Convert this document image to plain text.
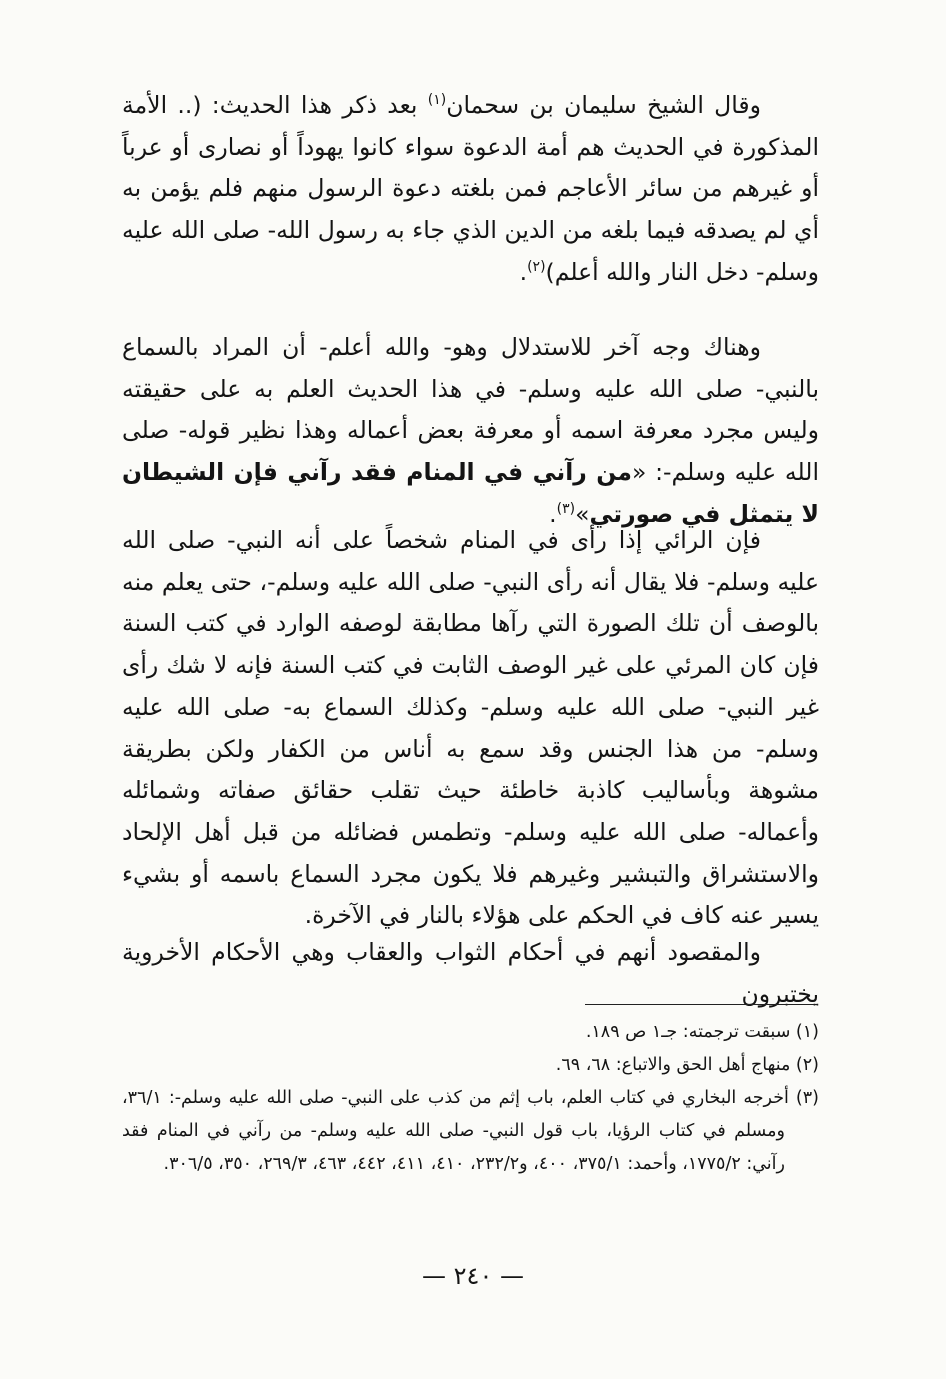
وقال الشيخ سليمان بن سحمان$^{(١)}$ بعد ذكر هذا الحديث: (.. الأمة المذكورة في الحديث هم أمة الدعوة سواء كانوا يهوداً أو نصارى أو عرباً أو غيرهم من سائر الأعاجم فمن بلغته دعوة الرسول منهم فلم يؤمن به أي لم يصدقه فيما بلغه من الدين الذي جاء به رسول الله- صلى الله عليه وسلم- دخل النار والله أعلم)$^{(٢)}$.

وهناك وجه آخر للاستدلال وهو- والله أعلم- أن المراد بالسماع بالنبي- صلى الله عليه وسلم- في هذا الحديث العلم به على حقيقته وليس مجرد معرفة اسمه أو معرفة بعض أعماله وهذا نظير قوله- صلى الله عليه وسلم-: «من رآني في المنام فقد رآني فإن الشيطان لا يتمثل في صورتي»$^{(٣)}$.

فإن الرائي إذا رأى في المنام شخصاً على أنه النبي- صلى الله عليه وسلم- فلا يقال أنه رأى النبي- صلى الله عليه وسلم-، حتى يعلم منه بالوصف أن تلك الصورة التي رآها مطابقة لوصفه الوارد في كتب السنة فإن كان المرئي على غير الوصف الثابت في كتب السنة فإنه لا شك رأى غير النبي- صلى الله عليه وسلم- وكذلك السماع به- صلى الله عليه وسلم- من هذا الجنس وقد سمع به أناس من الكفار ولكن بطريقة مشوهة وبأساليب كاذبة خاطئة حيث تقلب حقائق صفاته وشمائله وأعماله- صلى الله عليه وسلم- وتطمس فضائله من قبل أهل الإلحاد والاستشراق والتبشير وغيرهم فلا يكون مجرد السماع باسمه أو بشيء يسير عنه كاف في الحكم على هؤلاء بالنار في الآخرة.

والمقصود أنهم في أحكام الثواب والعقاب وهي الأحكام الأخروية يختبرون

(١) سبقت ترجمته: جـ١ ص ١٨٩.

(٢) منهاج أهل الحق والاتباع: ٦٨، ٦٩.

(٣) أخرجه البخاري في كتاب العلم، باب إثم من كذب على النبي- صلى الله عليه وسلم-: ٣٦/١، ومسلم في كتاب الرؤيا، باب قول النبي- صلى الله عليه وسلم- من رآني في المنام فقد رآني: ١٧٧٥/٢، وأحمد: ٣٧٥/١، ٤٠٠، و٢٣٢/٢، ٤١٠، ٤١١، ٤٤٢، ٤٦٣، ٢٦٩/٣، ٣٥٠، ٣٠٦/٥.

— ٢٤٠ —
